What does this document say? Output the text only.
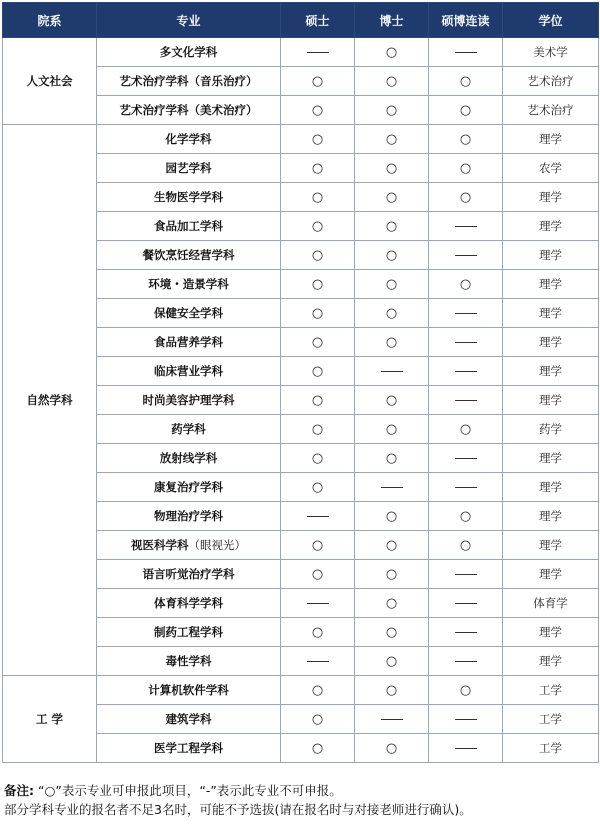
院系	专业	硕士	博士	硕博连读	学位
人文社会	多文化学科		○		美术学
	艺术治疗学科（音乐治疗）	○	○	○	艺术治疗
	艺术治疗学科（美术治疗）	○	○	○	艺术治疗
自然学科	化学学科	○	○	○	理学
	园艺学科	○	○	○	农学
	生物医学学科	○	○	○	理学
	食品加工学科	○	○		理学
	餐饮烹饪经营学科	○	○		理学
	环境・造景学科	○	○	○	理学
	保健安全学科	○	○		理学
	食品营养学科	○	○		理学
	临床营业学科	○			理学
	时尚美容护理学科	○	○		理学
	药学科	○	○	○	药学
	放射线学科	○	○		理学
	康复治疗学科	○			理学
	物理治疗学科		○	○	理学
	视医科学科（眼视光）	○	○	○	理学
	语言听觉治疗学科	○	○		理学
	体育科学学科		○		体育学
	制药工程学科	○	○		理学
	毒性学科		○		理学
工 学	计算机软件学科	○	○	○	工学
	建筑学科	○			工学
	医学工程学科	○	○		工学
备注: “○”表示专业可申报此项目，“-”表示此专业不可申报。
部分学科专业的报名者不足3名时，可能不予选拔(请在报名时与对接老师进行确认)。
